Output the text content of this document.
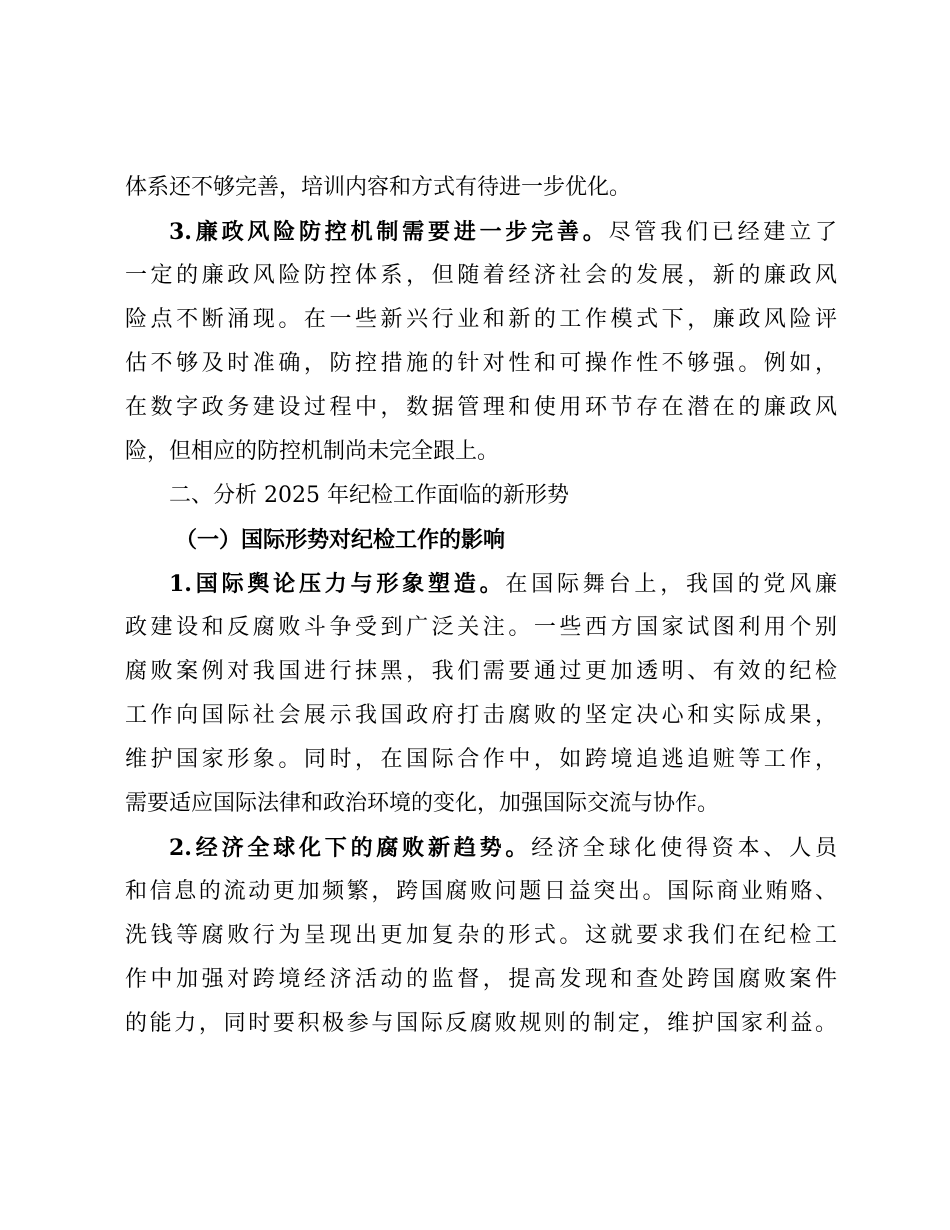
体系还不够完善，培训内容和方式有待进一步优化。
3.廉政风险防控机制需要进一步完善。尽管我们已经建立了
一定的廉政风险防控体系，但随着经济社会的发展，新的廉政风
险点不断涌现。在一些新兴行业和新的工作模式下，廉政风险评
估不够及时准确，防控措施的针对性和可操作性不够强。例如，
在数字政务建设过程中，数据管理和使用环节存在潜在的廉政风
险，但相应的防控机制尚未完全跟上。
二、分析 2025 年纪检工作面临的新形势
（一）国际形势对纪检工作的影响
1.国际舆论压力与形象塑造。在国际舞台上，我国的党风廉
政建设和反腐败斗争受到广泛关注。一些西方国家试图利用个别
腐败案例对我国进行抹黑，我们需要通过更加透明、有效的纪检
工作向国际社会展示我国政府打击腐败的坚定决心和实际成果，
维护国家形象。同时，在国际合作中，如跨境追逃追赃等工作，
需要适应国际法律和政治环境的变化，加强国际交流与协作。
2.经济全球化下的腐败新趋势。经济全球化使得资本、人员
和信息的流动更加频繁，跨国腐败问题日益突出。国际商业贿赂、
洗钱等腐败行为呈现出更加复杂的形式。这就要求我们在纪检工
作中加强对跨境经济活动的监督，提高发现和查处跨国腐败案件
的能力，同时要积极参与国际反腐败规则的制定，维护国家利益。
